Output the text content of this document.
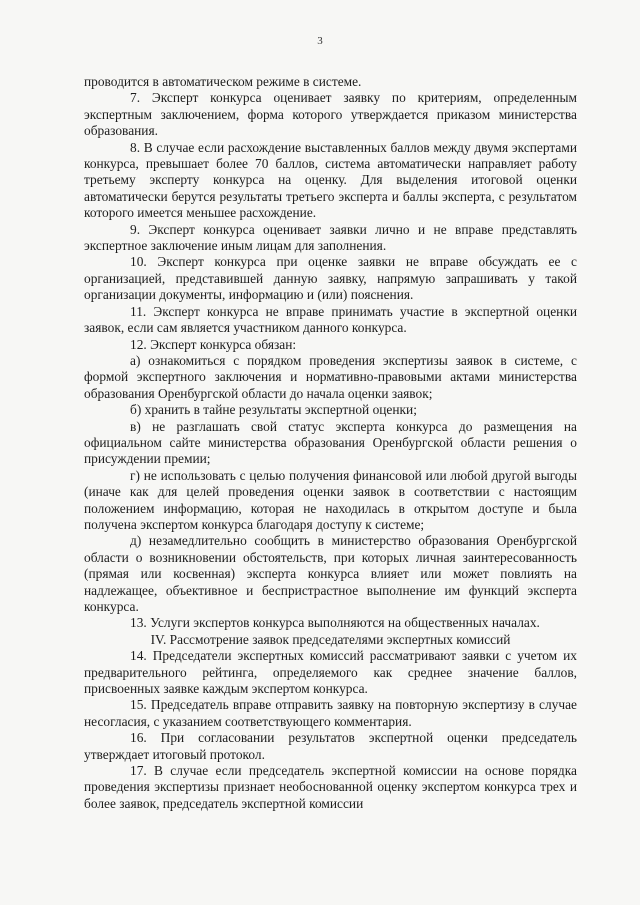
3

проводится в автоматическом режиме в системе.

7. Эксперт конкурса оценивает заявку по критериям, определенным экспертным заключением, форма которого утверждается приказом министерства образования.

8. В случае если расхождение выставленных баллов между двумя экспертами конкурса, превышает более 70 баллов, система автоматически направляет работу третьему эксперту конкурса на оценку. Для выделения итоговой оценки автоматически берутся результаты третьего эксперта и баллы эксперта, с результатом которого имеется меньшее расхождение.

9. Эксперт конкурса оценивает заявки лично и не вправе представлять экспертное заключение иным лицам для заполнения.

10. Эксперт конкурса при оценке заявки не вправе обсуждать ее с организацией, представившей данную заявку, напрямую запрашивать у такой организации документы, информацию и (или) пояснения.

11. Эксперт конкурса не вправе принимать участие в экспертной оценки заявок, если сам является участником данного конкурса.

12. Эксперт конкурса обязан:

а) ознакомиться с порядком проведения экспертизы заявок в системе, с формой экспертного заключения и нормативно-правовыми актами министерства образования Оренбургской области до начала оценки заявок;

б) хранить в тайне результаты экспертной оценки;

в) не разглашать свой статус эксперта конкурса до размещения на официальном сайте министерства образования Оренбургской области решения о присуждении премии;

г) не использовать с целью получения финансовой или любой другой выгоды (иначе как для целей проведения оценки заявок в соответствии с настоящим положением информацию, которая не находилась в открытом доступе и была получена экспертом конкурса благодаря доступу к системе;

д) незамедлительно сообщить в министерство образования Оренбургской области о возникновении обстоятельств, при которых личная заинтересованность (прямая или косвенная) эксперта конкурса влияет или может повлиять на надлежащее, объективное и беспристрастное выполнение им функций эксперта конкурса.

13. Услуги экспертов конкурса выполняются на общественных началах.

IV. Рассмотрение заявок председателями экспертных комиссий

14. Председатели экспертных комиссий рассматривают заявки с учетом их предварительного рейтинга, определяемого как среднее значение баллов, присвоенных заявке каждым экспертом конкурса.

15. Председатель вправе отправить заявку на повторную экспертизу в случае несогласия, с указанием соответствующего комментария.

16. При согласовании результатов экспертной оценки председатель утверждает итоговый протокол.

17. В случае если председатель экспертной комиссии на основе порядка проведения экспертизы признает необоснованной оценку экспертом конкурса трех и более заявок, председатель экспертной комиссии
